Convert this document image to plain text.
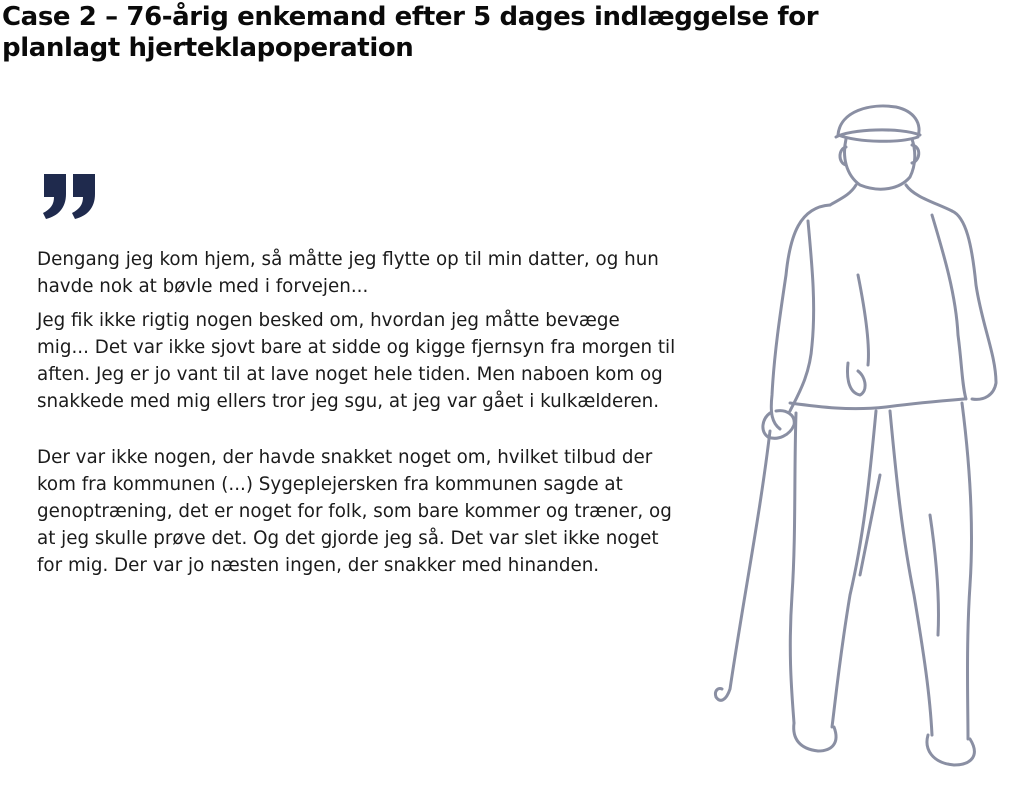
Case 2 – 76-årig enkemand efter 5 dages indlæggelse for planlagt hjerteklapoperation

Dengang jeg kom hjem, så måtte jeg flytte op til min datter, og hun havde nok at bøvle med i forvejen...

Jeg fik ikke rigtig nogen besked om, hvordan jeg måtte bevæge mig... Det var ikke sjovt bare at sidde og kigge fjernsyn fra morgen til aften. Jeg er jo vant til at lave noget hele tiden. Men naboen kom og snakkede med mig ellers tror jeg sgu, at jeg var gået i kulkælderen.

Der var ikke nogen, der havde snakket noget om, hvilket tilbud der kom fra kommunen (...) Sygeplejersken fra kommunen sagde at genoptræning, det er noget for folk, som bare kommer og træner, og at jeg skulle prøve det. Og det gjorde jeg så. Det var slet ikke noget for mig. Der var jo næsten ingen, der snakker med hinanden.
